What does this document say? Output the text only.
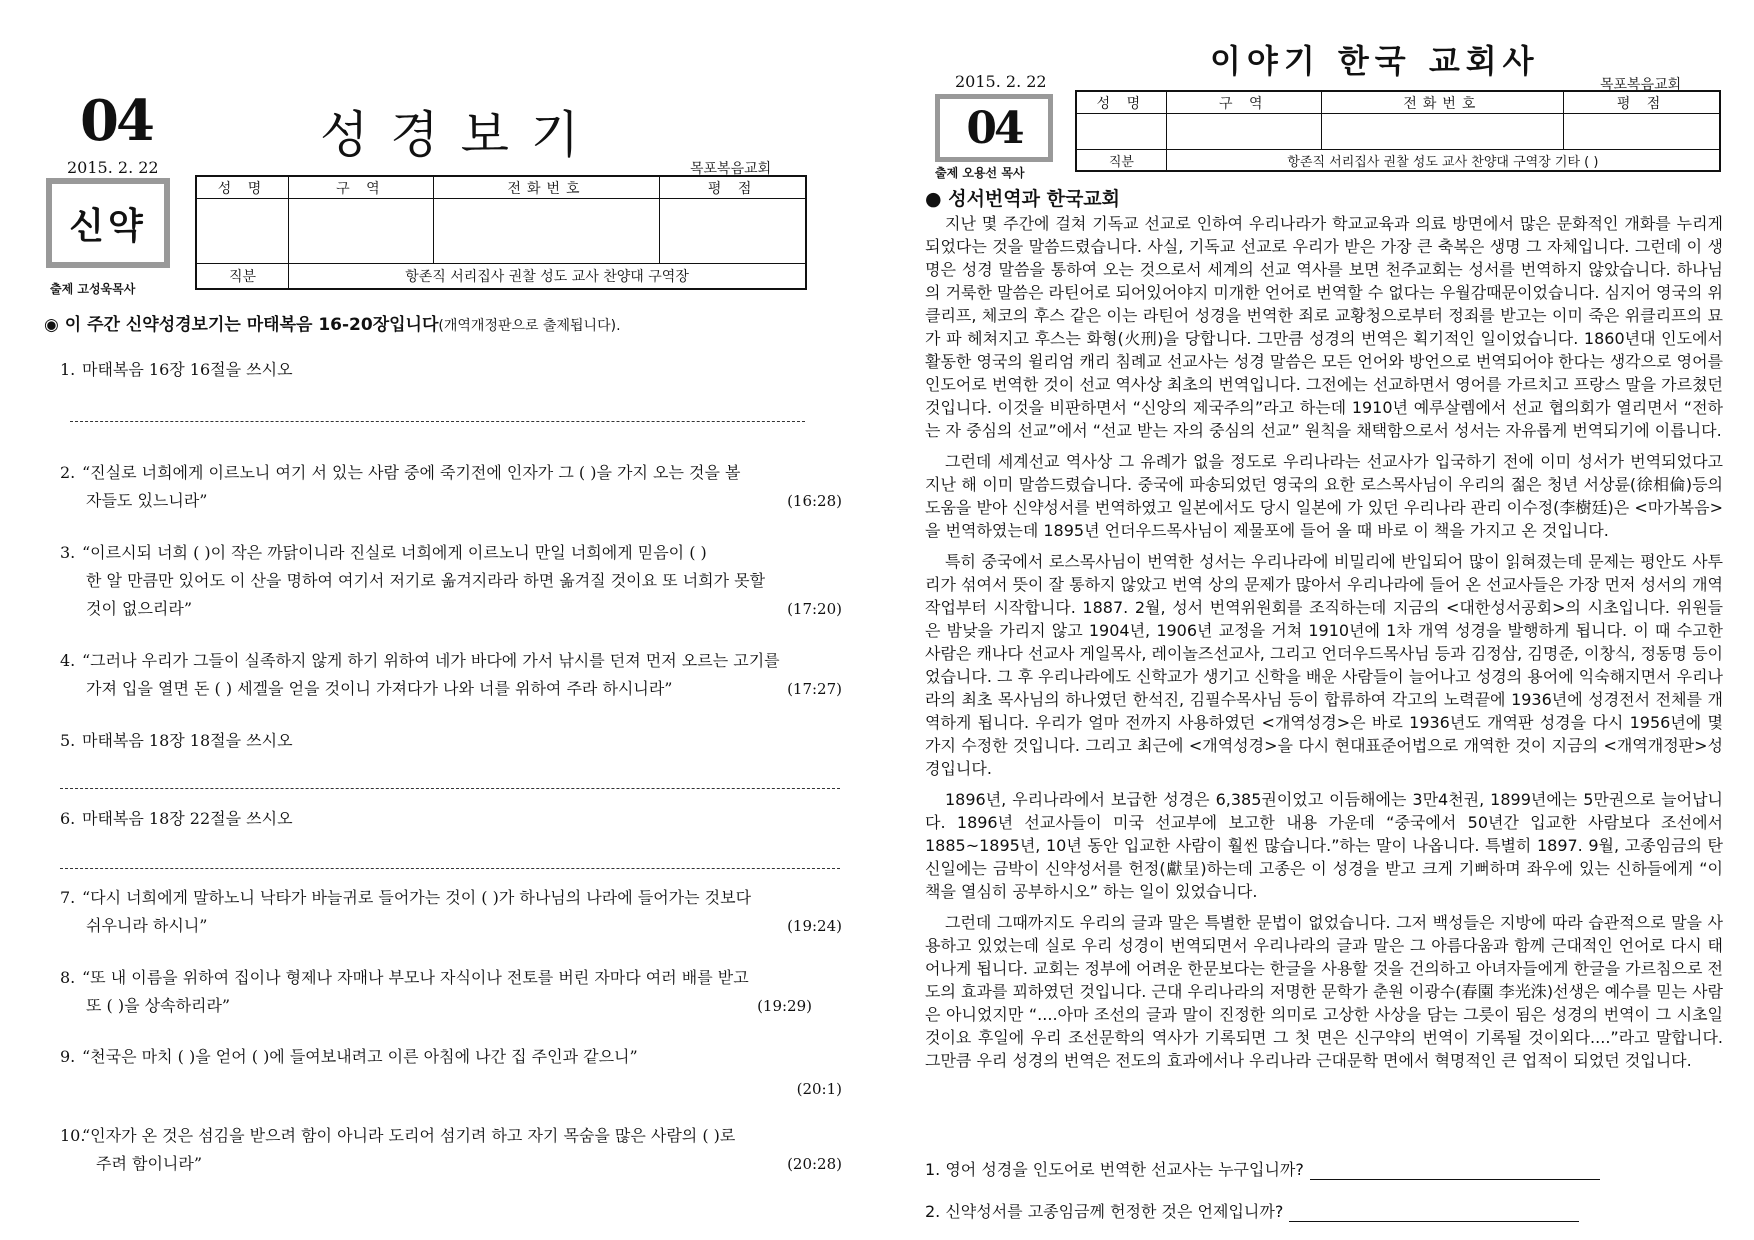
04	성경보기
2015. 2. 22	목포복음교회
신약
출제 고성욱목사
성 명	구 역	전화번호	평 점

직분	항존직 서리집사 권찰 성도 교사 찬양대 구역장		
◉ 이 주간 신약성경보기는 마태복음 16-20장입니다(개역개정판으로 출제됩니다).
1. 마태복음 16장 16절을 쓰시오
2. “진실로 너희에게 이르노니 여기 서 있는 사람 중에 죽기전에 인자가 그 ( )을 가지 오는 것을 볼
자들도 있느니라”	(16:28)
3. “이르시되 너희 ( )이 작은 까닭이니라 진실로 너희에게 이르노니 만일 너희에게 믿음이 ( )
한 알 만큼만 있어도 이 산을 명하여 여기서 저기로 옮겨지라라 하면 옮겨질 것이요 또 너희가 못할
것이 없으리라”	(17:20)
4. “그러나 우리가 그들이 실족하지 않게 하기 위하여 네가 바다에 가서 낚시를 던져 먼저 오르는 고기를
가져 입을 열면 돈 ( ) 세겔을 얻을 것이니 가져다가 나와 너를 위하여 주라 하시니라”	(17:27)
5. 마태복음 18장 18절을 쓰시오
6. 마태복음 18장 22절을 쓰시오
7. “다시 너희에게 말하노니 낙타가 바늘귀로 들어가는 것이 ( )가 하나님의 나라에 들어가는 것보다
쉬우니라 하시니”	(19:24)
8. “또 내 이름을 위하여 집이나 형제나 자매나 부모나 자식이나 전토를 버린 자마다 여러 배를 받고
또 ( )을 상속하리라”	(19:29)
9. “천국은 마치 ( )을 얻어 ( )에 들여보내려고 이른 아침에 나간 집 주인과 같으니”
(20:1)
10.“인자가 온 것은 섬김을 받으려 함이 아니라 도리어 섬기려 하고 자기 목숨을 많은 사람의 ( )로
주려 함이니라”	(20:28)
이야기 한국 교회사
2015. 2. 22	목포복음교회
04
출제 오용선 목사
성 명	구 역	전화번호	평 점

직분	항존직 서리집사 권찰 성도 교사 찬양대 구역장 기타 ( )		
● 성서번역과 한국교회

지난 몇 주간에 걸쳐 기독교 선교로 인하여 우리나라가 학교교육과 의료 방면에서 많은 문화적인 개화를 누리게 되었다는 것을 말씀드렸습니다. 사실, 기독교 선교로 우리가 받은 가장 큰 축복은 생명 그 자체입니다. 그런데 이 생명은 성경 말씀을 통하여 오는 것으로서 세계의 선교 역사를 보면 천주교회는 성서를 번역하지 않았습니다. 하나님의 거룩한 말씀은 라틴어로 되어있어야지 미개한 언어로 번역할 수 없다는 우월감때문이었습니다. 심지어 영국의 위클리프, 체코의 후스 같은 이는 라틴어 성경을 번역한 죄로 교황청으로부터 정죄를 받고는 이미 죽은 위클리프의 묘가 파 헤쳐지고 후스는 화형(火刑)을 당합니다. 그만큼 성경의 번역은 획기적인 일이었습니다. 1860년대 인도에서 활동한 영국의 윌리엄 캐리 침례교 선교사는 성경 말씀은 모든 언어와 방언으로 번역되어야 한다는 생각으로 영어를 인도어로 번역한 것이 선교 역사상 최초의 번역입니다. 그전에는 선교하면서 영어를 가르치고 프랑스 말을 가르쳤던 것입니다. 이것을 비판하면서 “신앙의 제국주의”라고 하는데 1910년 예루살렘에서 선교 협의회가 열리면서 “전하는 자 중심의 선교”에서 “선교 받는 자의 중심의 선교” 원칙을 채택함으로서 성서는 자유롭게 번역되기에 이릅니다.

그런데 세계선교 역사상 그 유례가 없을 정도로 우리나라는 선교사가 입국하기 전에 이미 성서가 번역되었다고 지난 해 이미 말씀드렸습니다. 중국에 파송되었던 영국의 요한 로스목사님이 우리의 젊은 청년 서상륜(徐相倫)등의 도움을 받아 신약성서를 번역하였고 일본에서도 당시 일본에 가 있던 우리나라 관리 이수정(李樹廷)은 <마가복음>을 번역하였는데 1895년 언더우드목사님이 제물포에 들어 올 때 바로 이 책을 가지고 온 것입니다.

특히 중국에서 로스목사님이 번역한 성서는 우리나라에 비밀리에 반입되어 많이 읽혀졌는데 문제는 평안도 사투리가 섞여서 뜻이 잘 통하지 않았고 번역 상의 문제가 많아서 우리나라에 들어 온 선교사들은 가장 먼저 성서의 개역 작업부터 시작합니다. 1887. 2월, 성서 번역위원회를 조직하는데 지금의 <대한성서공회>의 시초입니다. 위원들은 밤낮을 가리지 않고 1904년, 1906년 교정을 거쳐 1910년에 1차 개역 성경을 발행하게 됩니다. 이 때 수고한 사람은 캐나다 선교사 게일목사, 레이놀즈선교사, 그리고 언더우드목사님 등과 김정삼, 김명준, 이창식, 정동명 등이었습니다. 그 후 우리나라에도 신학교가 생기고 신학을 배운 사람들이 늘어나고 성경의 용어에 익숙해지면서 우리나라의 최초 목사님의 하나였던 한석진, 김필수목사님 등이 합류하여 각고의 노력끝에 1936년에 성경전서 전체를 개역하게 됩니다. 우리가 얼마 전까지 사용하였던 <개역성경>은 바로 1936년도 개역판 성경을 다시 1956년에 몇 가지 수정한 것입니다. 그리고 최근에 <개역성경>을 다시 현대표준어법으로 개역한 것이 지금의 <개역개정판>성경입니다.

1896년, 우리나라에서 보급한 성경은 6,385권이었고 이듬해에는 3만4천권, 1899년에는 5만권으로 늘어납니다. 1896년 선교사들이 미국 선교부에 보고한 내용 가운데 “중국에서 50년간 입교한 사람보다 조선에서 1885~1895년, 10년 동안 입교한 사람이 훨씬 많습니다.”하는 말이 나옵니다. 특별히 1897. 9월, 고종임금의 탄신일에는 금박이 신약성서를 헌정(獻呈)하는데 고종은 이 성경을 받고 크게 기뻐하며 좌우에 있는 신하들에게 “이 책을 열심히 공부하시오” 하는 일이 있었습니다.

그런데 그때까지도 우리의 글과 말은 특별한 문법이 없었습니다. 그저 백성들은 지방에 따라 습관적으로 말을 사용하고 있었는데 실로 우리 성경이 번역되면서 우리나라의 글과 말은 그 아름다움과 함께 근대적인 언어로 다시 태어나게 됩니다. 교회는 정부에 어려운 한문보다는 한글을 사용할 것을 건의하고 아녀자들에게 한글을 가르침으로 전도의 효과를 꾀하였던 것입니다. 근대 우리나라의 저명한 문학가 춘원 이광수(春園 李光洙)선생은 예수를 믿는 사람은 아니었지만 “....아마 조선의 글과 말이 진정한 의미로 고상한 사상을 담는 그릇이 됨은 성경의 번역이 그 시초일 것이요 후일에 우리 조선문학의 역사가 기록되면 그 첫 면은 신구약의 번역이 기록될 것이외다....”라고 말합니다. 그만큼 우리 성경의 번역은 전도의 효과에서나 우리나라 근대문학 면에서 혁명적인 큰 업적이 되었던 것입니다.

1. 영어 성경을 인도어로 번역한 선교사는 누구입니까?
2. 신약성서를 고종임금께 헌정한 것은 언제입니까?
